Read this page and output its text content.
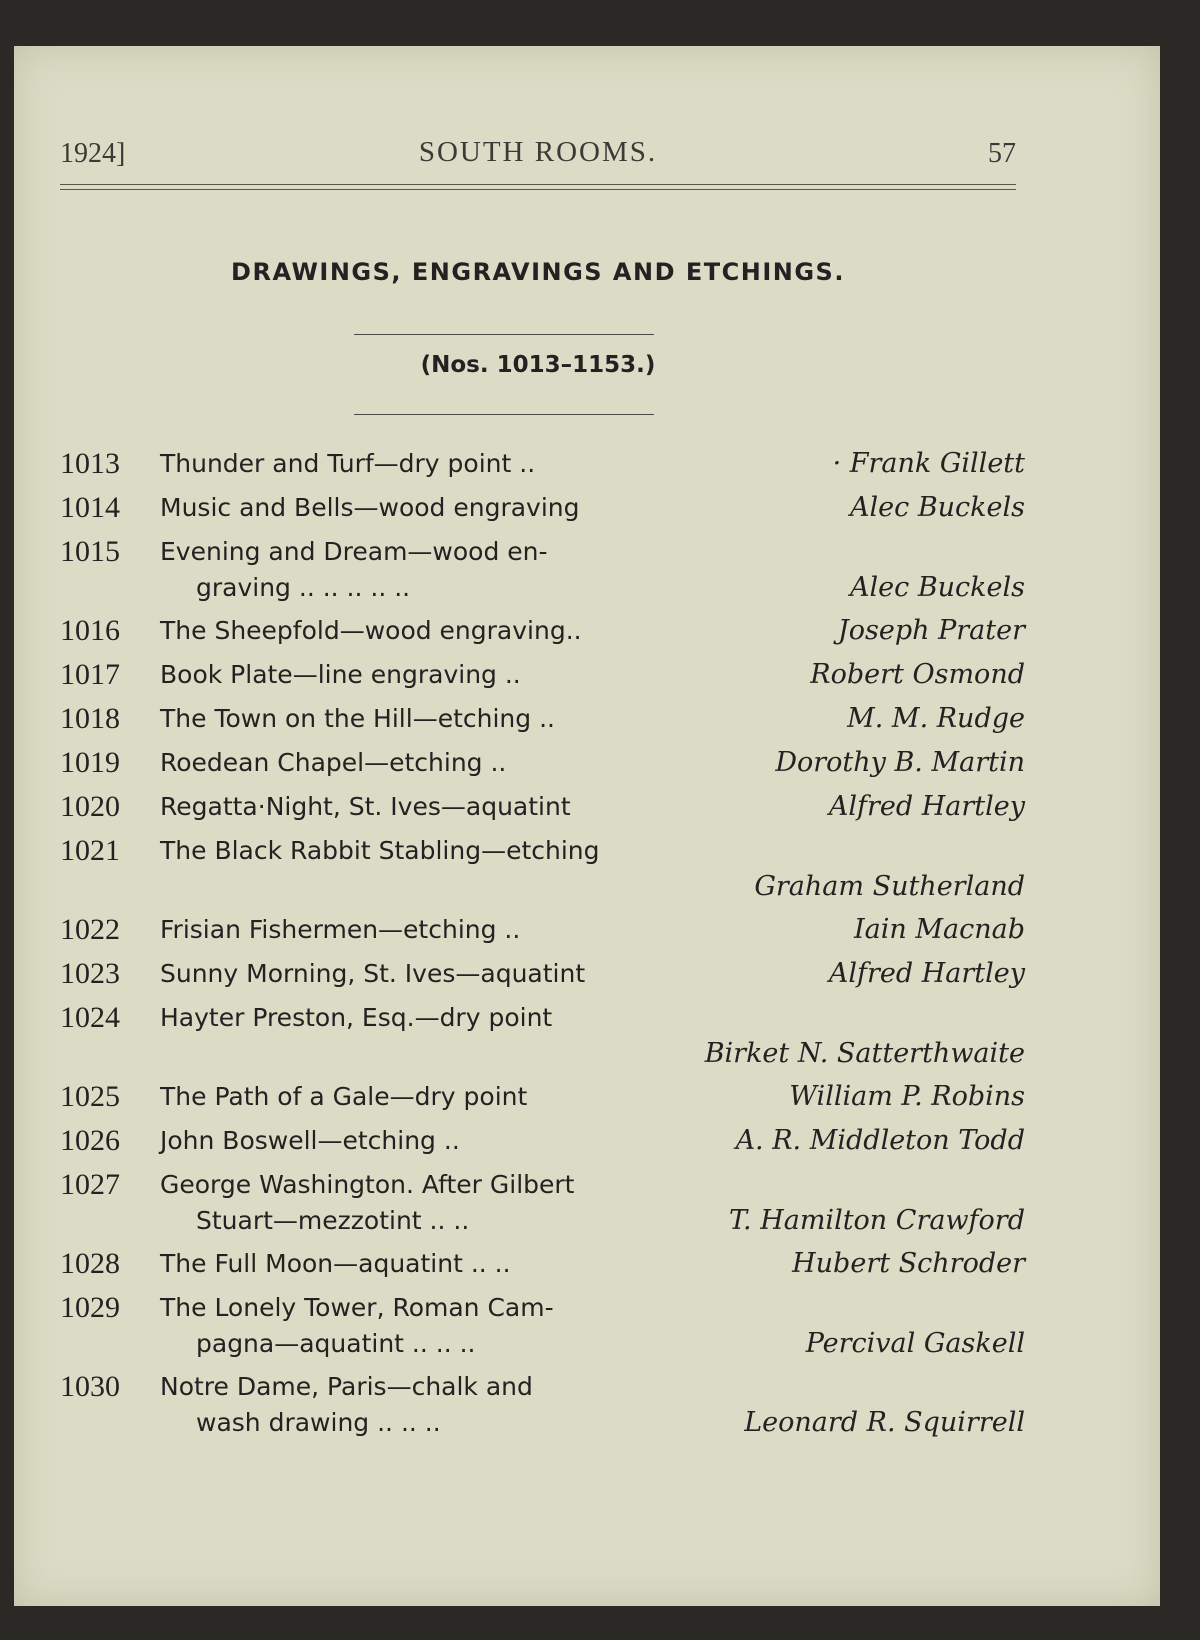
1924]	SOUTH ROOMS.	57
DRAWINGS, ENGRAVINGS AND ETCHINGS.
(Nos. 1013–1153.)
1013	Thunder and Turf—dry point ..	· Frank Gillett
1014	Music and Bells—wood engraving	Alec Buckels
1015	Evening and Dream—wood en-
graving .. .. .. .. ..	Alec Buckels
1016	The Sheepfold—wood engraving..	Joseph Prater
1017	Book Plate—line engraving ..	Robert Osmond
1018	The Town on the Hill—etching ..	M. M. Rudge
1019	Roedean Chapel—etching ..	Dorothy B. Martin
1020	Regatta·Night, St. Ives—aquatint	Alfred Hartley
1021	The Black Rabbit Stabling—etching
Graham Sutherland
1022	Frisian Fishermen—etching ..	Iain Macnab
1023	Sunny Morning, St. Ives—aquatint	Alfred Hartley
1024	Hayter Preston, Esq.—dry point
Birket N. Satterthwaite
1025	The Path of a Gale—dry point	William P. Robins
1026	John Boswell—etching ..	A. R. Middleton Todd
1027	George Washington. After Gilbert
Stuart—mezzotint .. ..	T. Hamilton Crawford
1028	The Full Moon—aquatint .. ..	Hubert Schroder
1029	The Lonely Tower, Roman Cam-
pagna—aquatint .. .. ..	Percival Gaskell
1030	Notre Dame, Paris—chalk and
wash drawing .. .. ..	Leonard R. Squirrell
